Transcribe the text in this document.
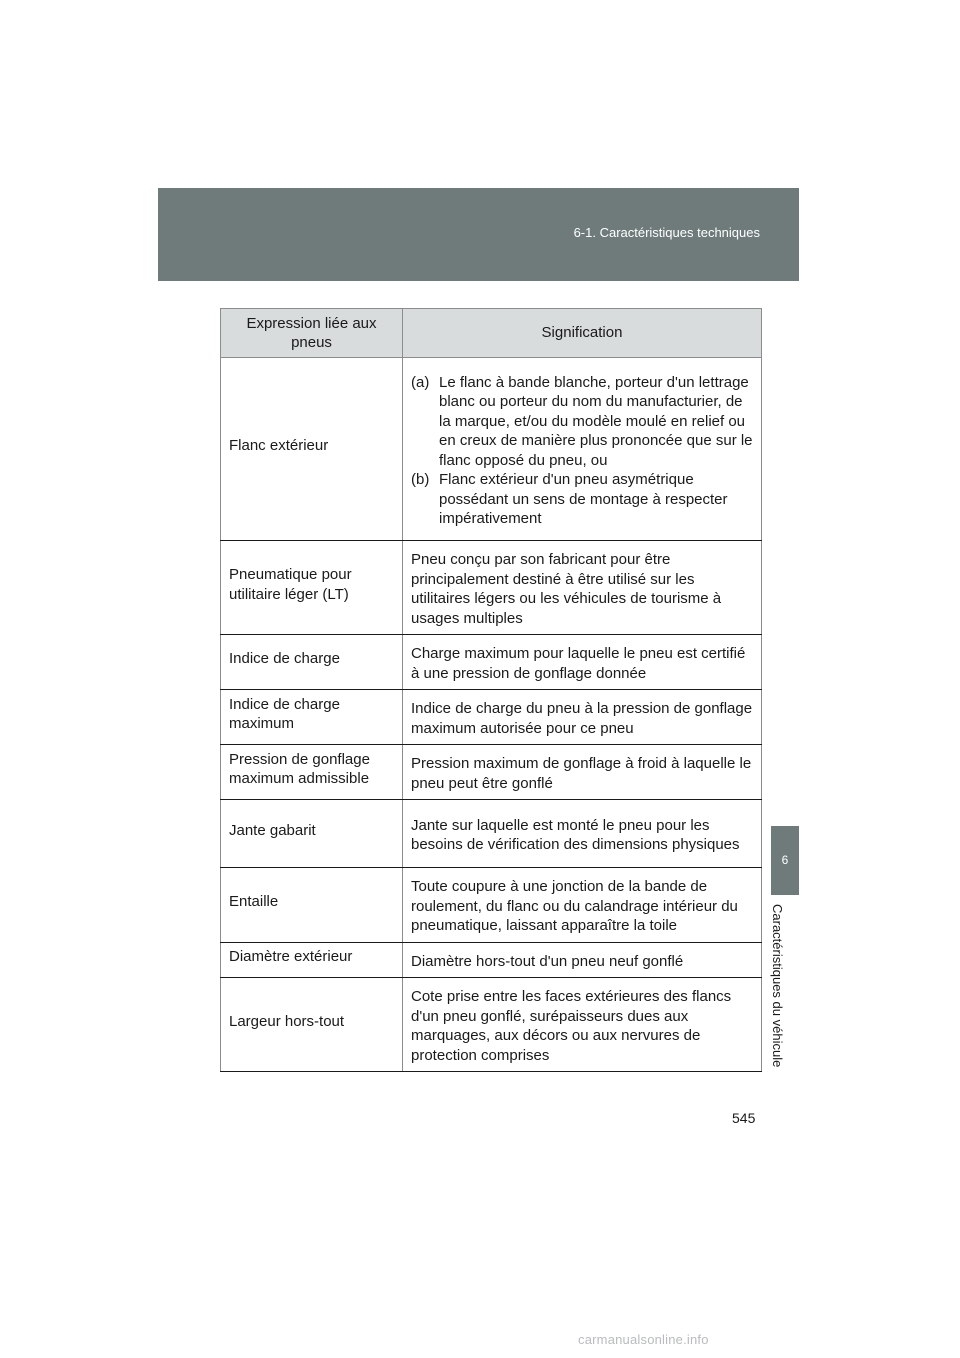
6-1. Caractéristiques techniques
6
Caractéristiques du véhicule
Expression liée aux pneus	Signification
Flanc extérieur	(a) Le flanc à bande blanche, porteur d'un lettrage blanc ou porteur du nom du manufacturier, de la marque, et/ou du modèle moulé en relief ou en creux de manière plus prononcée que sur le flanc opposé du pneu, ou
(b) Flanc extérieur d'un pneu asymétrique possédant un sens de montage à respecter impérativement

Pneumatique pour utilitaire léger (LT)	Pneu conçu par son fabricant pour être principalement destiné à être utilisé sur les utilitaires légers ou les véhicules de tourisme à usages multiples
Indice de charge	Charge maximum pour laquelle le pneu est certifié à une pression de gonflage donnée
Indice de charge maximum	Indice de charge du pneu à la pression de gonflage maximum autorisée pour ce pneu
Pression de gonflage maximum admissible	Pression maximum de gonflage à froid à laquelle le pneu peut être gonflé
Jante gabarit	Jante sur laquelle est monté le pneu pour les besoins de vérification des dimensions physiques
Entaille	Toute coupure à une jonction de la bande de roulement, du flanc ou du calandrage intérieur du pneumatique, laissant apparaître la toile
Diamètre extérieur	Diamètre hors-tout d'un pneu neuf gonflé
Largeur hors-tout	Cote prise entre les faces extérieures des flancs d'un pneu gonflé, surépaisseurs dues aux marquages, aux décors ou aux nervures de protection comprises
545
carmanualsonline.info
